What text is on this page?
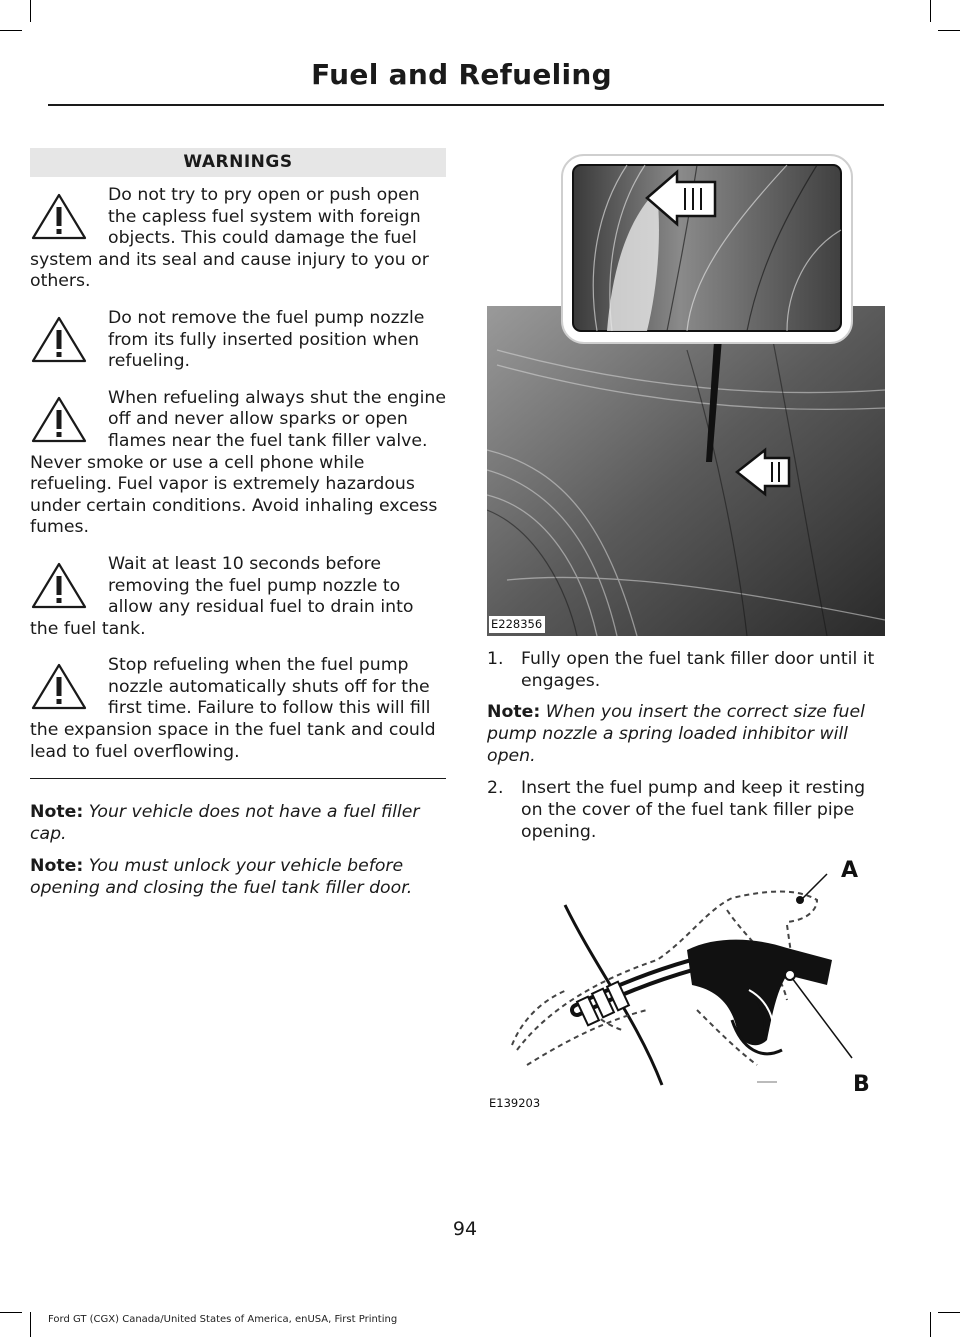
Fuel and Refueling
WARNINGS

Do not try to pry open or push open the capless fuel system with foreign objects. This could damage the fuel system and its seal and cause injury to you or others.

Do not remove the fuel pump nozzle from its fully inserted position when refueling.

When refueling always shut the engine off and never allow sparks or open flames near the fuel tank filler valve. Never smoke or use a cell phone while refueling. Fuel vapor is extremely hazardous under certain conditions. Avoid inhaling excess fumes.

Wait at least 10 seconds before removing the fuel pump nozzle to allow any residual fuel to drain into the fuel tank.

Stop refueling when the fuel pump nozzle automatically shuts off for the first time. Failure to follow this will fill the expansion space in the fuel tank and could lead to fuel overflowing.

Note: Your vehicle does not have a fuel filler cap.

Note: You must unlock your vehicle before opening and closing the fuel tank filler door.

E228356
1. Fully open the fuel tank filler door until it engages.

Note: When you insert the correct size fuel pump nozzle a spring loaded inhibitor will open.

2. Insert the fuel pump and keep it resting on the cover of the fuel tank filler pipe opening.
A
B
E139203
94
Ford GT (CGX) Canada/United States of America, enUSA, First Printing
